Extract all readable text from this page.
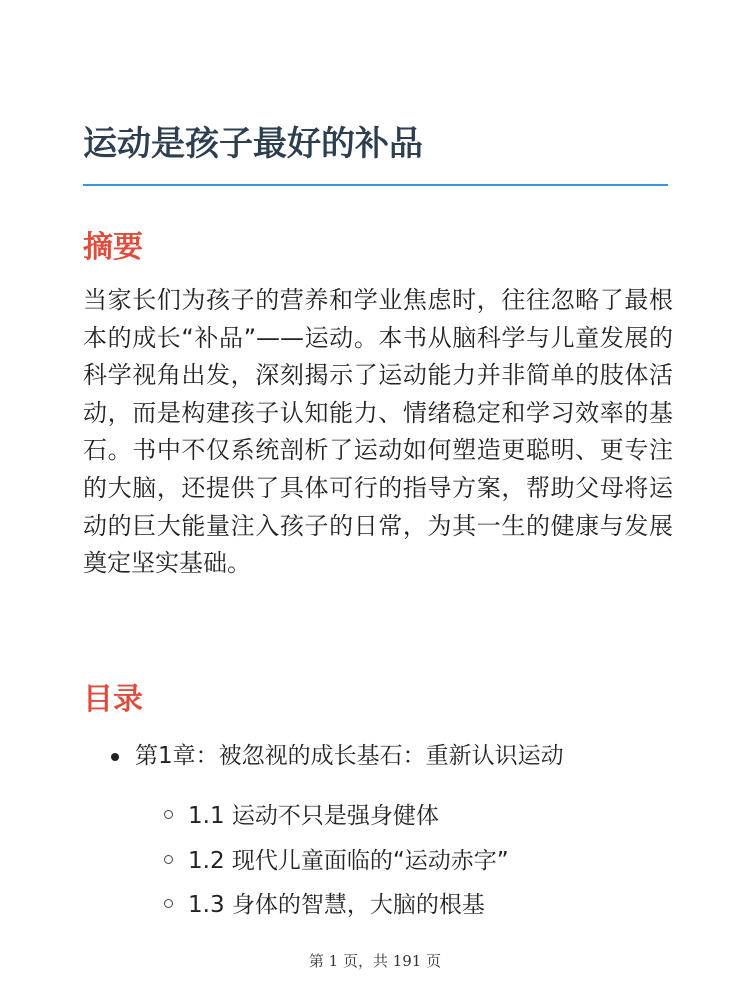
运动是孩子最好的补品
摘要

当家长们为孩子的营养和学业焦虑时，往往忽略了最根本的成长“补品”——运动。本书从脑科学与儿童发展的科学视角出发，深刻揭示了运动能力并非简单的肢体活动，而是构建孩子认知能力、情绪稳定和学习效率的基石。书中不仅系统剖析了运动如何塑造更聪明、更专注的大脑，还提供了具体可行的指导方案，帮助父母将运动的巨大能量注入孩子的日常，为其一生的健康与发展奠定坚实基础。

目录
第1章：被忽视的成长基石：重新认识运动
1.1 运动不只是强身健体
1.2 现代儿童面临的“运动赤字”
1.3 身体的智慧，大脑的根基
第 1 页，共 191 页
